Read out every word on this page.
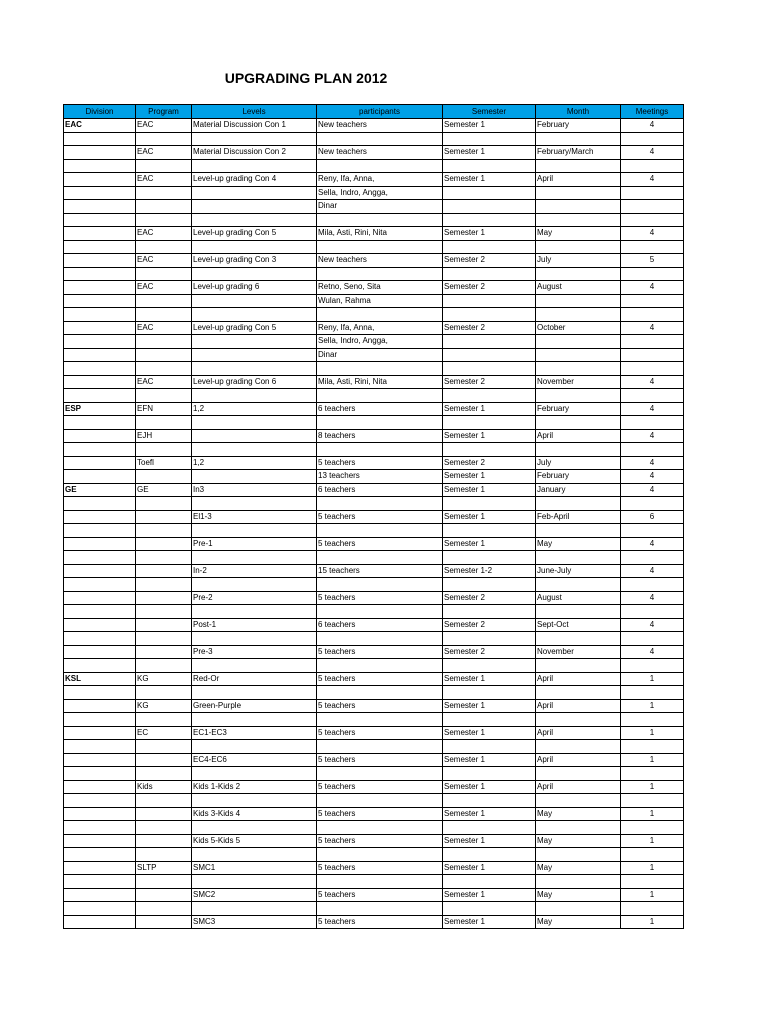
UPGRADING PLAN 2012
Division	Program	Levels	participants	Semester	Month	Meetings
EAC	EAC	Material Discussion Con 1	New teachers	Semester 1	February	4

	EAC	Material Discussion Con 2	New teachers	Semester 1	February/March	4

	EAC	Level-up grading Con 4	Reny, Ifa, Anna,	Semester 1	April	4
			Sella, Indro, Angga,			
			Dinar			

	EAC	Level-up grading Con 5	Mila, Asti, Rini, Nita	Semester 1	May	4

	EAC	Level-up grading Con 3	New teachers	Semester 2	July	5

	EAC	Level-up grading 6	Retno, Seno, Sita	Semester 2	August	4
			Wulan, Rahma			

	EAC	Level-up grading Con 5	Reny, Ifa, Anna,	Semester 2	October	4
			Sella, Indro, Angga,			
			Dinar			

	EAC	Level-up grading Con 6	Mila, Asti, Rini, Nita	Semester 2	November	4

ESP	EFN	1,2	6 teachers	Semester 1	February	4

	EJH		8 teachers	Semester 1	April	4

	Toefl	1,2	5 teachers	Semester 2	July	4
			13 teachers	Semester 1	February	4
GE	GE	In3	6 teachers	Semester 1	January	4

		El1-3	5 teachers	Semester 1	Feb-April	6

		Pre-1	5 teachers	Semester 1	May	4

		In-2	15 teachers	Semester 1-2	June-July	4

		Pre-2	5 teachers	Semester 2	August	4

		Post-1	6 teachers	Semester 2	Sept-Oct	4

		Pre-3	5 teachers	Semester 2	November	4

KSL	KG	Red-Or	5 teachers	Semester 1	April	1

	KG	Green-Purple	5 teachers	Semester 1	April	1

	EC	EC1-EC3	5 teachers	Semester 1	April	1

		EC4-EC6	5 teachers	Semester 1	April	1

	Kids	Kids 1-Kids 2	5 teachers	Semester 1	April	1

		Kids 3-Kids 4	5 teachers	Semester 1	May	1

		Kids 5-Kids 5	5 teachers	Semester 1	May	1

	SLTP	SMC1	5 teachers	Semester 1	May	1

		SMC2	5 teachers	Semester 1	May	1

		SMC3	5 teachers	Semester 1	May	1
